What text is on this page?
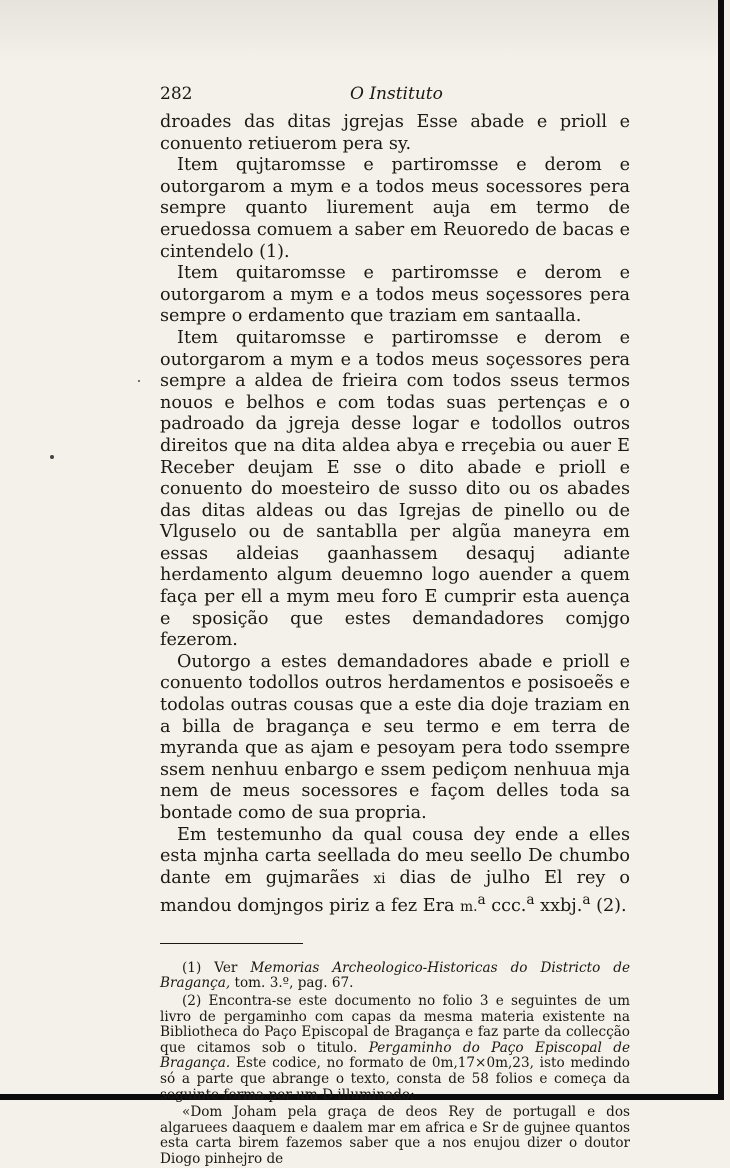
282	O Instituto

droades das ditas jgrejas Esse abade e prioll e conuento retiuerom pera sy.

Item qujtaromsse e partiromsse e derom e outorgarom a mym e a todos meus socessores pera sempre quanto liurement auja em termo de eruedossa comuem a saber em Reuoredo de bacas e cintendelo (1).

Item quitaromsse e partiromsse e derom e outorgarom a mym e a todos meus soçessores pera sempre o erdamento que traziam em santaalla.

Item quitaromsse e partiromsse e derom e outorgarom a mym e a todos meus soçessores pera sempre a aldea de frieira com todos sseus termos nouos e belhos e com todas suas pertenças e o padroado da jgreja desse logar e todollos outros direitos que na dita aldea abya e rreçebia ou auer E Receber deujam E sse o dito abade e prioll e conuento do moesteiro de susso dito ou os abades das ditas aldeas ou das Igrejas de pinello ou de Vlguselo ou de santablla per algũa maneyra em essas aldeias gaanhassem desaquj adiante herdamento algum deuemno logo auender a quem faça per ell a mym meu foro E cumprir esta auença e sposição que estes demandadores comjgo fezerom.

Outorgo a estes demandadores abade e prioll e conuento todollos outros herdamentos e posisoeẽs e todolas outras cousas que a este dia doje traziam en a billa de bragança e seu termo e em terra de myranda que as ajam e pesoyam pera todo ssempre ssem nenhuu enbargo e ssem pediçom nenhuua mja nem de meus socessores e façom delles toda sa bontade como de sua propria.

Em testemunho da qual cousa dey ende a elles esta mjnha carta seellada do meu seello De chumbo dante em gujmarães xi dias de julho El rey o mandou domjngos piriz a fez Era m.$^a$ ccc.$^a$ xxbj.$^a$ (2).

(1) Ver Memorias Archeologico-Historicas do Districto de Bragança, tom. 3.º, pag. 67.

(2) Encontra-se este documento no folio 3 e seguintes de um livro de pergaminho com capas da mesma materia existente na Bibliotheca do Paço Episcopal de Bragança e faz parte da collecção que citamos sob o titulo. Pergaminho do Paço Episcopal de Bragança. Este codice, no formato de 0m,17×0m,23, isto medindo só a parte que abrange o texto, consta de 58 folios e começa da seguinte forma por um D illuminado:

«Dom Joham pela graça de deos Rey de portugall e dos algaruees daaquem e daalem mar em africa e Sr de gujnee quantos esta carta birem fazemos saber que a nos enujou dizer o doutor Diogo pinhejro de
